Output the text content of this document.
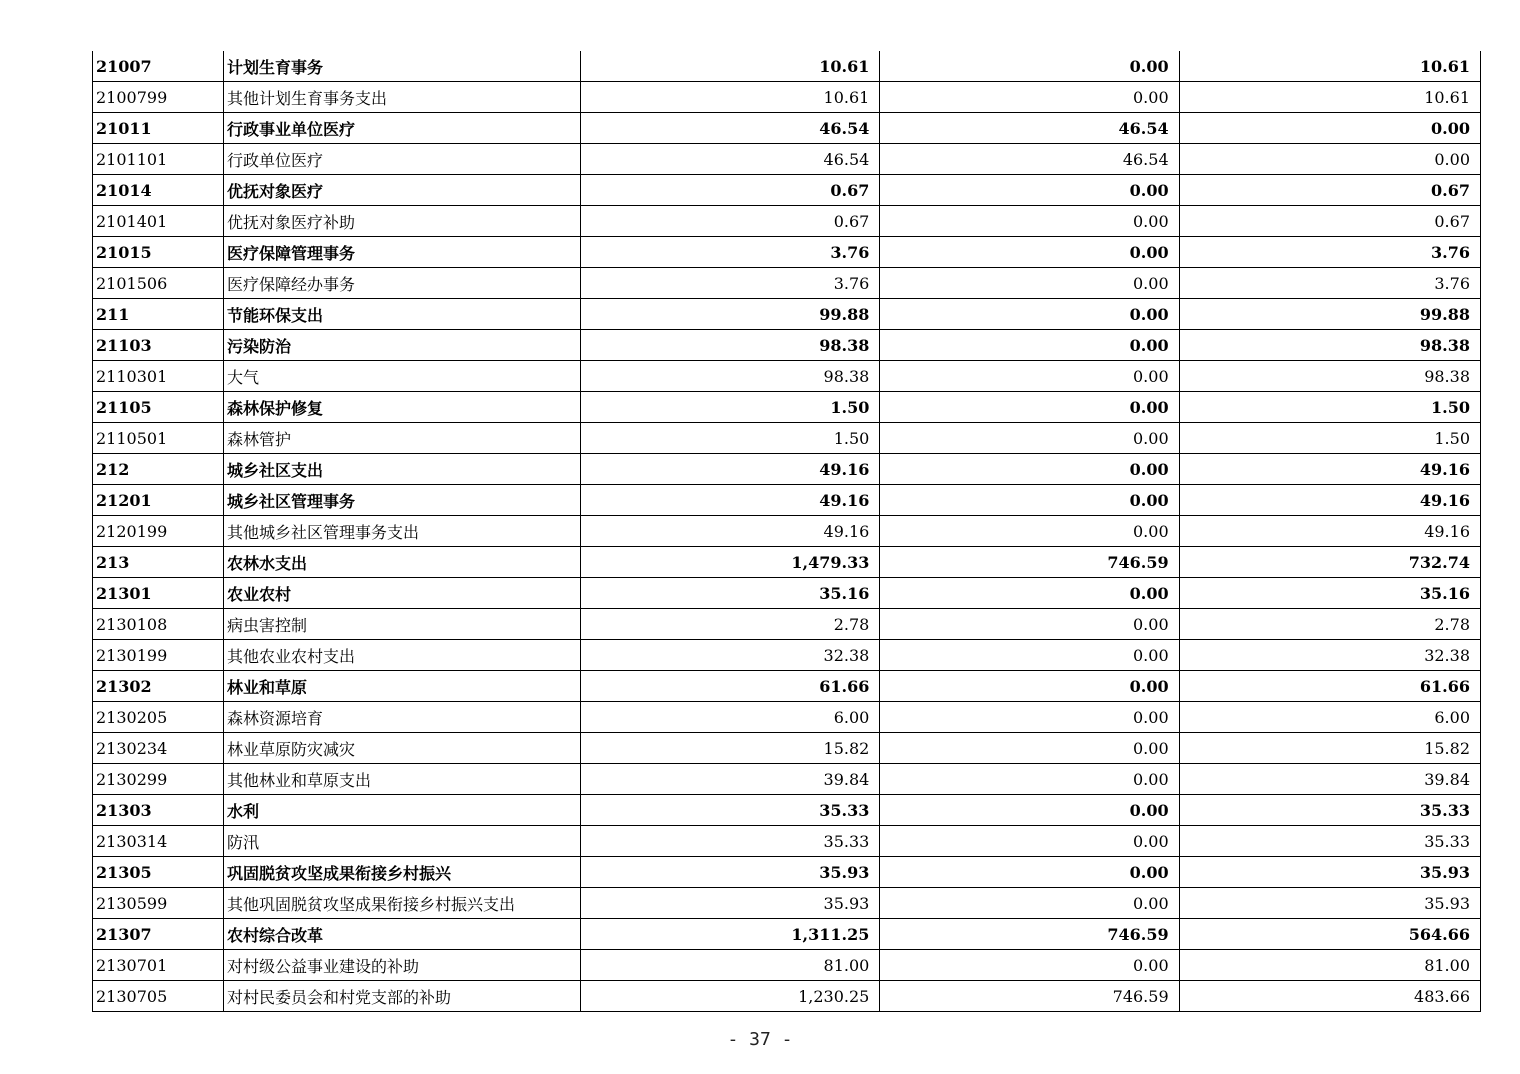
21007	计划生育事务	10.61	0.00	10.61
2100799	其他计划生育事务支出	10.61	0.00	10.61
21011	行政事业单位医疗	46.54	46.54	0.00
2101101	行政单位医疗	46.54	46.54	0.00
21014	优抚对象医疗	0.67	0.00	0.67
2101401	优抚对象医疗补助	0.67	0.00	0.67
21015	医疗保障管理事务	3.76	0.00	3.76
2101506	医疗保障经办事务	3.76	0.00	3.76
211	节能环保支出	99.88	0.00	99.88
21103	污染防治	98.38	0.00	98.38
2110301	大气	98.38	0.00	98.38
21105	森林保护修复	1.50	0.00	1.50
2110501	森林管护	1.50	0.00	1.50
212	城乡社区支出	49.16	0.00	49.16
21201	城乡社区管理事务	49.16	0.00	49.16
2120199	其他城乡社区管理事务支出	49.16	0.00	49.16
213	农林水支出	1,479.33	746.59	732.74
21301	农业农村	35.16	0.00	35.16
2130108	病虫害控制	2.78	0.00	2.78
2130199	其他农业农村支出	32.38	0.00	32.38
21302	林业和草原	61.66	0.00	61.66
2130205	森林资源培育	6.00	0.00	6.00
2130234	林业草原防灾减灾	15.82	0.00	15.82
2130299	其他林业和草原支出	39.84	0.00	39.84
21303	水利	35.33	0.00	35.33
2130314	防汛	35.33	0.00	35.33
21305	巩固脱贫攻坚成果衔接乡村振兴	35.93	0.00	35.93
2130599	其他巩固脱贫攻坚成果衔接乡村振兴支出	35.93	0.00	35.93
21307	农村综合改革	1,311.25	746.59	564.66
2130701	对村级公益事业建设的补助	81.00	0.00	81.00
2130705	对村民委员会和村党支部的补助	1,230.25	746.59	483.66
- 37 -
